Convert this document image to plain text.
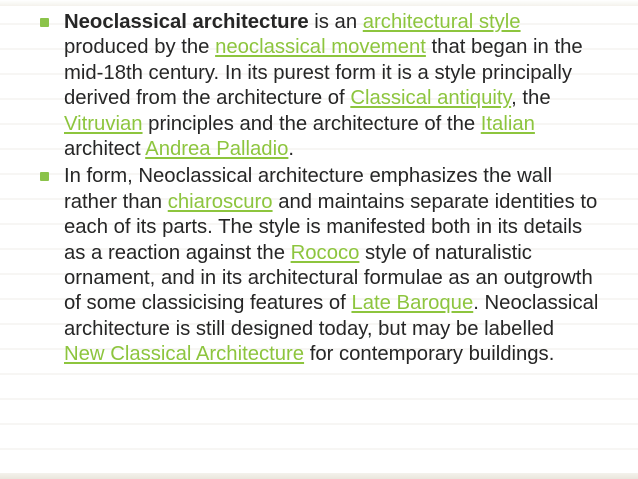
Neoclassical architecture is an architectural style produced by the neoclassical movement that began in the mid-18th century. In its purest form it is a style principally derived from the architecture of Classical antiquity, the Vitruvian principles and the architecture of the Italian architect Andrea Palladio.
In form, Neoclassical architecture emphasizes the wall rather than chiaroscuro and maintains separate identities to each of its parts. The style is manifested both in its details as a reaction against the Rococo style of naturalistic ornament, and in its architectural formulae as an outgrowth of some classicising features of Late Baroque. Neoclassical architecture is still designed today, but may be labelled New Classical Architecture for contemporary buildings.
